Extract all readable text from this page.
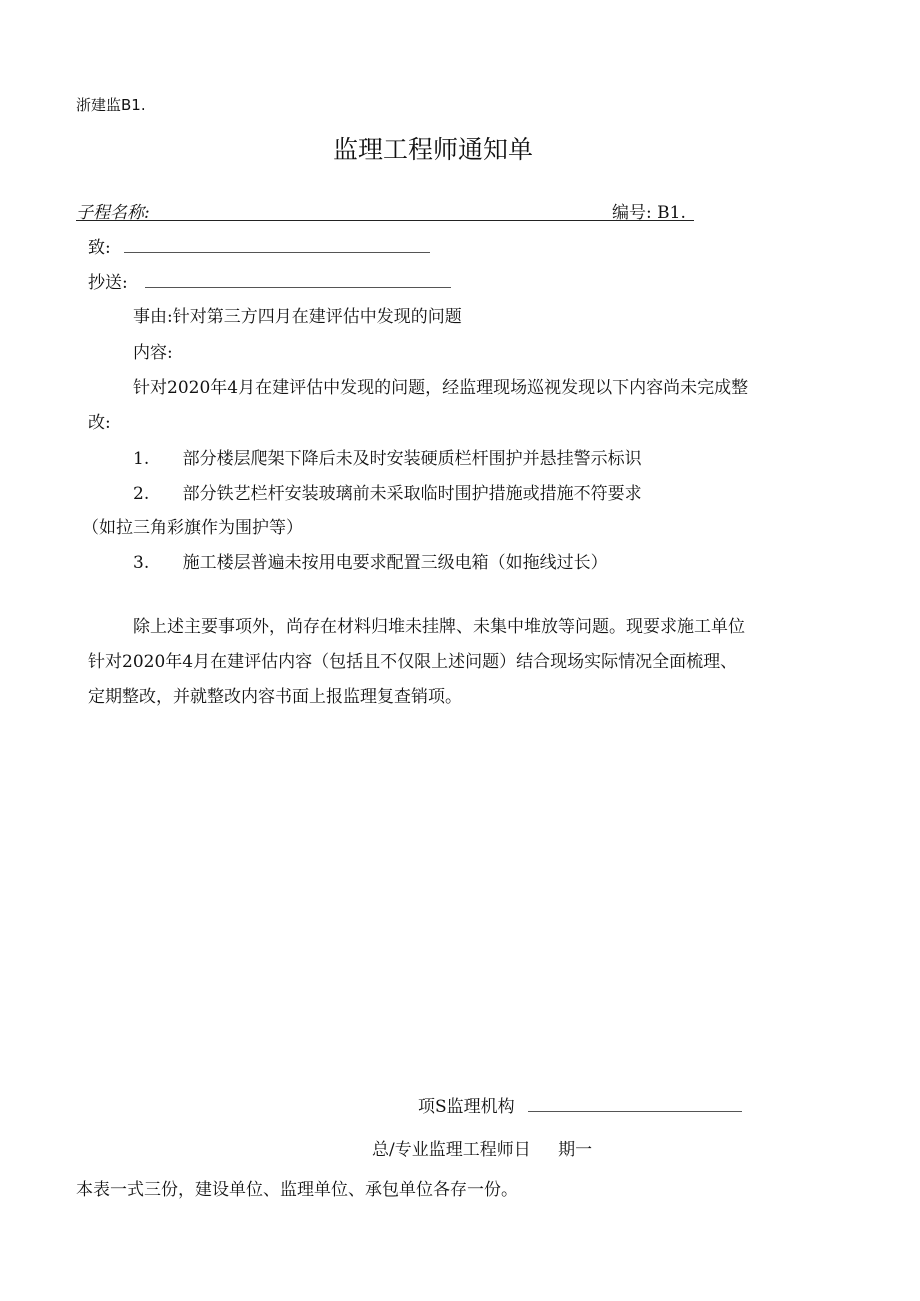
浙建监B1.
监理工程师通知单
子程名称:	编号: B1.
致:
抄送:
事由:针对第三方四月在建评估中发现的问题
内容:
针对2020年4月在建评估中发现的问题，经监理现场巡视发现以下内容尚未完成整
改:
1. 部分楼层爬架下降后未及时安装硬质栏杆围护并悬挂警示标识
2. 部分铁艺栏杆安装玻璃前未采取临时围护措施或措施不符要求
（如拉三角彩旗作为围护等）
3. 施工楼层普遍未按用电要求配置三级电箱（如拖线过长）
除上述主要事项外，尚存在材料归堆未挂牌、未集中堆放等问题。现要求施工单位
针对2020年4月在建评估内容（包括且不仅限上述问题）结合现场实际情况全面梳理、
定期整改，并就整改内容书面上报监理复查销项。
项S监理机构
总/专业监理工程师日 期一
本表一式三份，建设单位、监理单位、承包单位各存一份。
